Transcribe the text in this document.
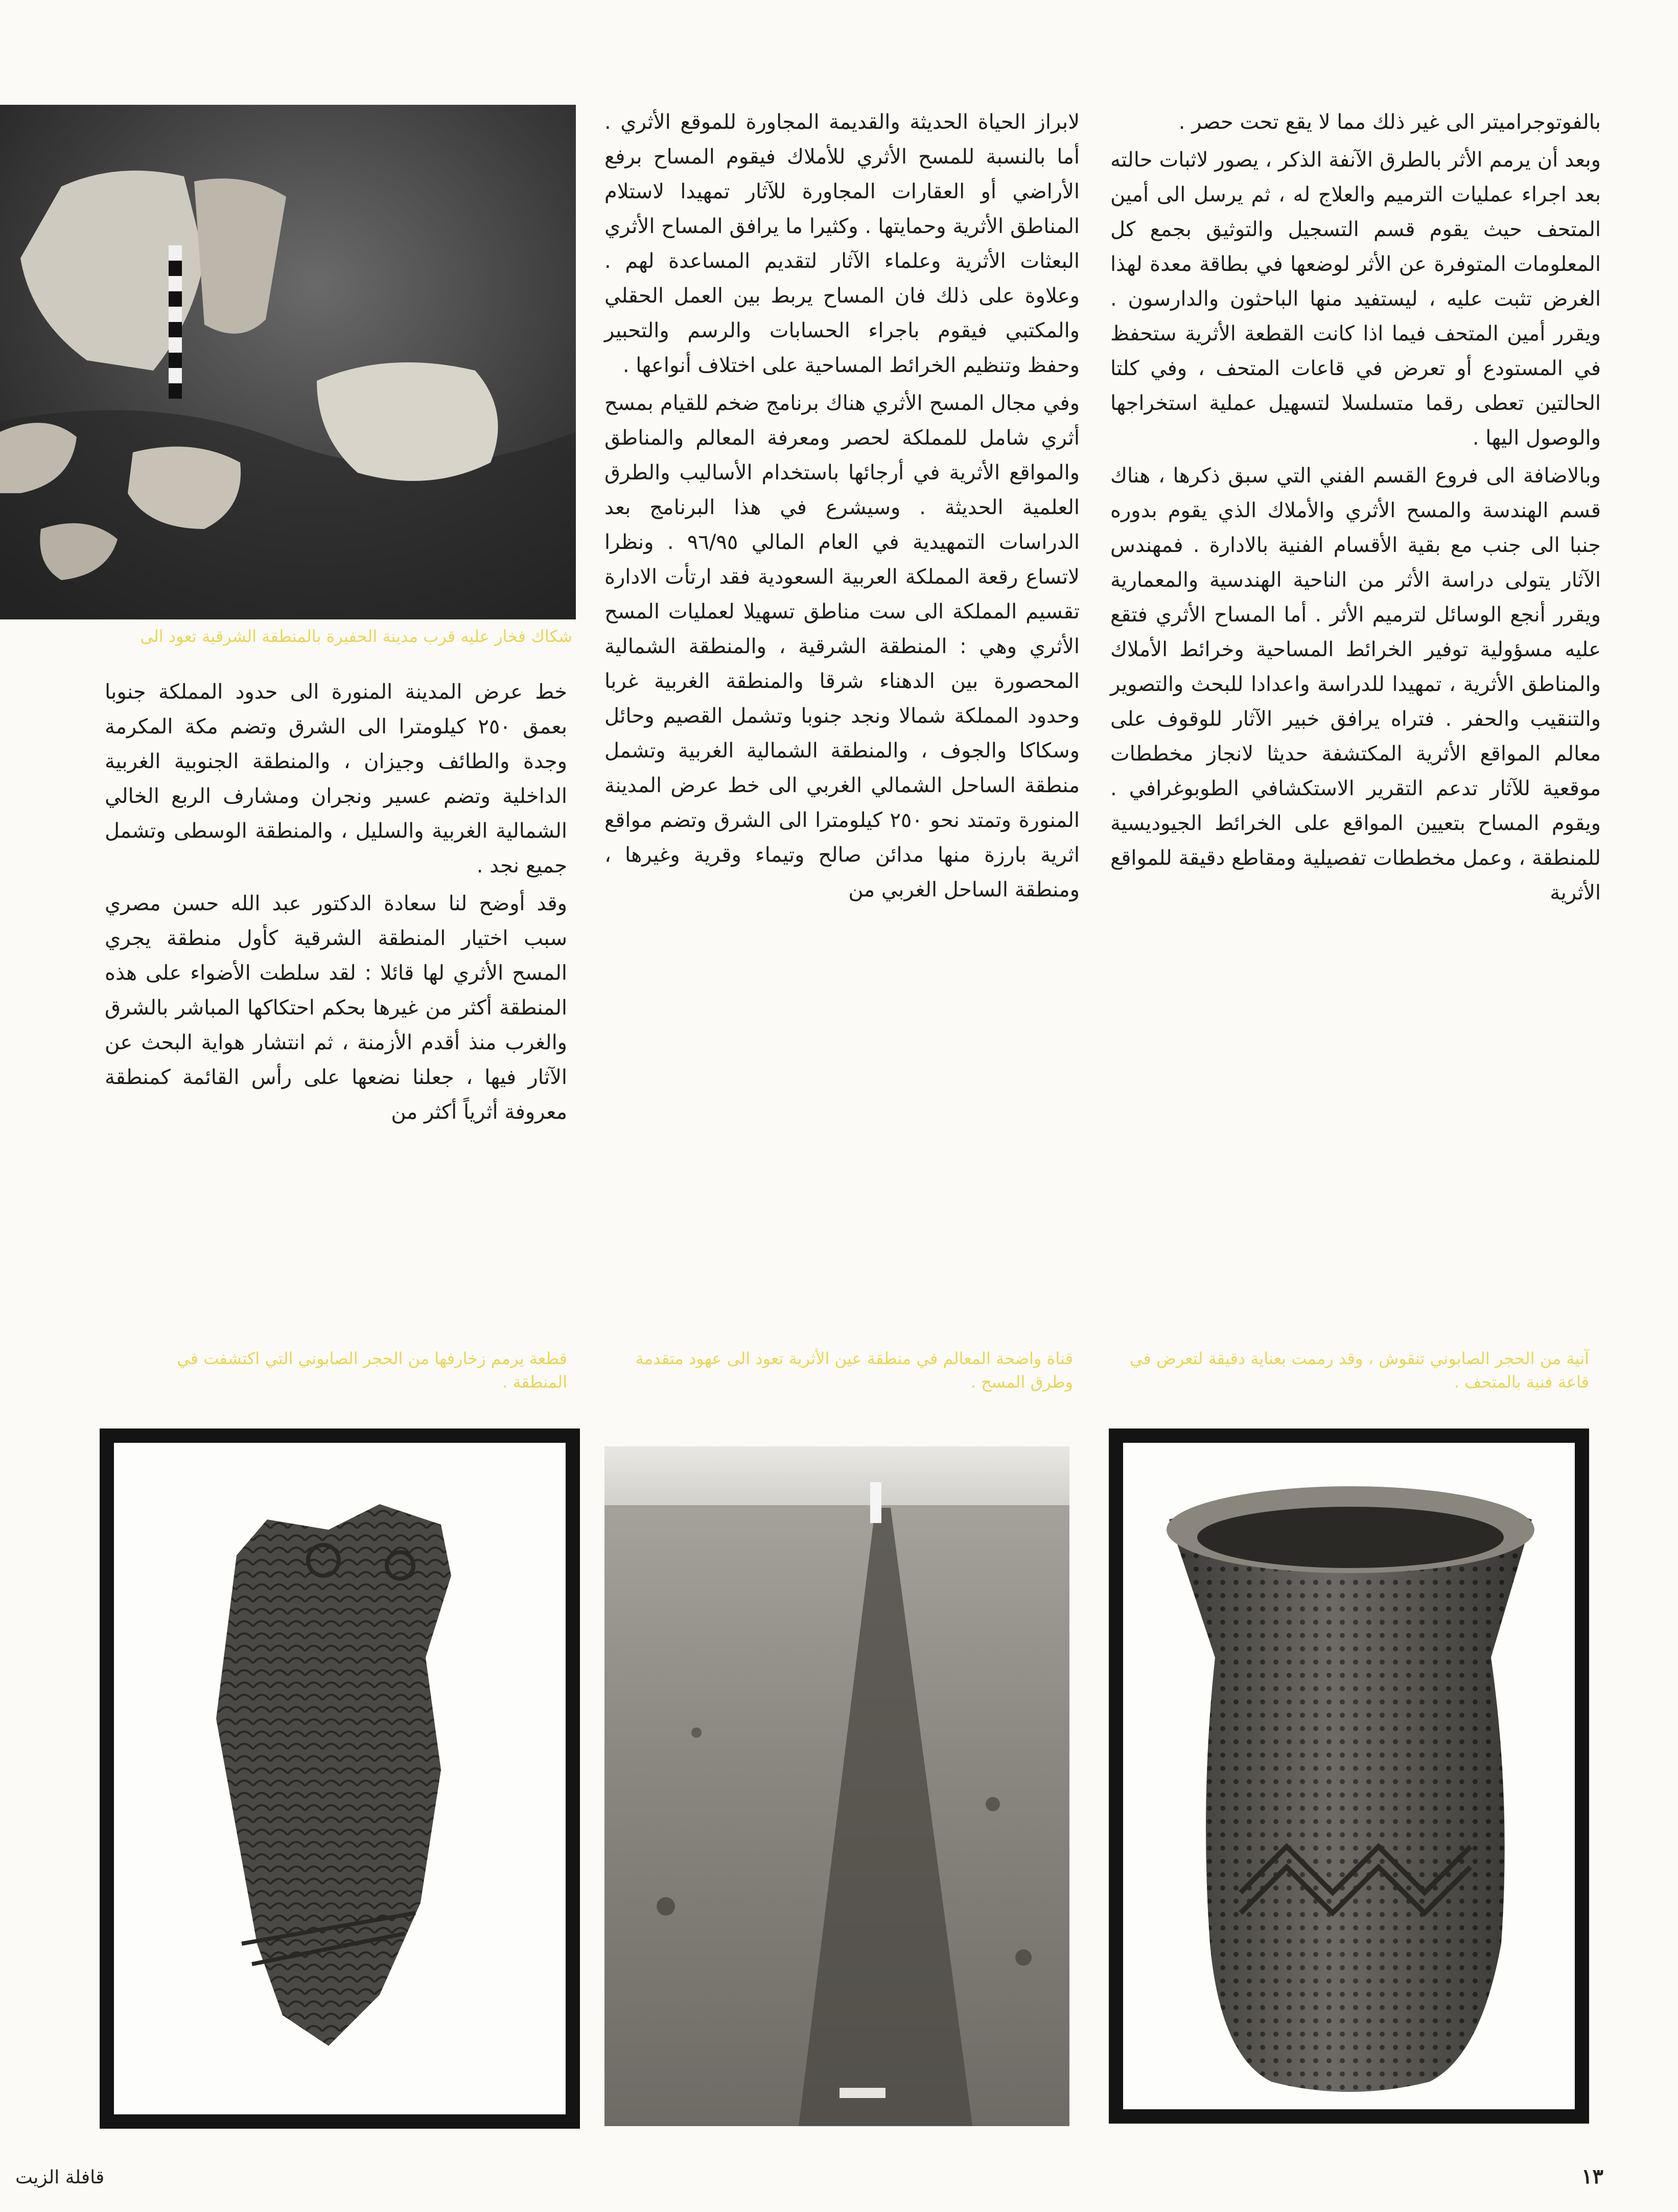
شكاك فخار عليه قرب مدينة الحفيرة بالمنطقة الشرقية تعود الى

بالفوتوجراميتر الى غير ذلك مما لا يقع تحت حصر .

وبعد أن يرمم الأثر بالطرق الآنفة الذكر ، يصور لاثبات حالته بعد اجراء عمليات الترميم والعلاج له ، ثم يرسل الى أمين المتحف حيث يقوم قسم التسجيل والتوثيق بجمع كل المعلومات المتوفرة عن الأثر لوضعها في بطاقة معدة لهذا الغرض تثبت عليه ، ليستفيد منها الباحثون والدارسون . ويقرر أمين المتحف فيما اذا كانت القطعة الأثرية ستحفظ في المستودع أو تعرض في قاعات المتحف ، وفي كلتا الحالتين تعطى رقما متسلسلا لتسهيل عملية استخراجها والوصول اليها .

وبالاضافة الى فروع القسم الفني التي سبق ذكرها ، هناك قسم الهندسة والمسح الأثري والأملاك الذي يقوم بدوره جنبا الى جنب مع بقية الأقسام الفنية بالادارة . فمهندس الآثار يتولى دراسة الأثر من الناحية الهندسية والمعمارية ويقرر أنجع الوسائل لترميم الأثر . أما المساح الأثري فتقع عليه مسؤولية توفير الخرائط المساحية وخرائط الأملاك والمناطق الأثرية ، تمهيدا للدراسة واعدادا للبحث والتصوير والتنقيب والحفر . فتراه يرافق خبير الآثار للوقوف على معالم المواقع الأثرية المكتشفة حديثا لانجاز مخططات موقعية للآثار تدعم التقرير الاستكشافي الطوبوغرافي . ويقوم المساح بتعيين المواقع على الخرائط الجيوديسية للمنطقة ، وعمل مخططات تفصيلية ومقاطع دقيقة للمواقع الأثرية

لابراز الحياة الحديثة والقديمة المجاورة للموقع الأثري . أما بالنسبة للمسح الأثري للأملاك فيقوم المساح برفع الأراضي أو العقارات المجاورة للآثار تمهيدا لاستلام المناطق الأثرية وحمايتها . وكثيرا ما يرافق المساح الأثري البعثات الأثرية وعلماء الآثار لتقديم المساعدة لهم . وعلاوة على ذلك فان المساح يربط بين العمل الحقلي والمكتبي فيقوم باجراء الحسابات والرسم والتحبير وحفظ وتنظيم الخرائط المساحية على اختلاف أنواعها .

وفي مجال المسح الأثري هناك برنامج ضخم للقيام بمسح أثري شامل للمملكة لحصر ومعرفة المعالم والمناطق والمواقع الأثرية في أرجائها باستخدام الأساليب والطرق العلمية الحديثة . وسيشرع في هذا البرنامج بعد الدراسات التمهيدية في العام المالي ٩٦/٩٥ . ونظرا لاتساع رقعة المملكة العربية السعودية فقد ارتأت الادارة تقسيم المملكة الى ست مناطق تسهيلا لعمليات المسح الأثري وهي : المنطقة الشرقية ، والمنطقة الشمالية المحصورة بين الدهناء شرقا والمنطقة الغربية غربا وحدود المملكة شمالا ونجد جنوبا وتشمل القصيم وحائل وسكاكا والجوف ، والمنطقة الشمالية الغربية وتشمل منطقة الساحل الشمالي الغربي الى خط عرض المدينة المنورة وتمتد نحو ٢٥٠ كيلومترا الى الشرق وتضم مواقع اثرية بارزة منها مدائن صالح وتيماء وقرية وغيرها ، ومنطقة الساحل الغربي من

خط عرض المدينة المنورة الى حدود المملكة جنوبا بعمق ٢٥٠ كيلومترا الى الشرق وتضم مكة المكرمة وجدة والطائف وجيزان ، والمنطقة الجنوبية الغربية الداخلية وتضم عسير ونجران ومشارف الربع الخالي الشمالية الغربية والسليل ، والمنطقة الوسطى وتشمل جميع نجد .

وقد أوضح لنا سعادة الدكتور عبد الله حسن مصري سبب اختيار المنطقة الشرقية كأول منطقة يجري المسح الأثري لها قائلا : لقد سلطت الأضواء على هذه المنطقة أكثر من غيرها بحكم احتكاكها المباشر بالشرق والغرب منذ أقدم الأزمنة ، ثم انتشار هواية البحث عن الآثار فيها ، جعلنا نضعها على رأس القائمة كمنطقة معروفة أثرياً أكثر من

آنية من الحجر الصابوني تنقوش ، وقد رممت بعناية دقيقة لتعرض في قاعة فنية بالمتحف .
قناة واضحة المعالم في منطقة عين الأثرية تعود الى عهود متقدمة وطرق المسح .
قطعة يرمم زخارفها من الحجر الصابوني التي اكتشفت في المنطقة .
١٣
قافلة الزيت
